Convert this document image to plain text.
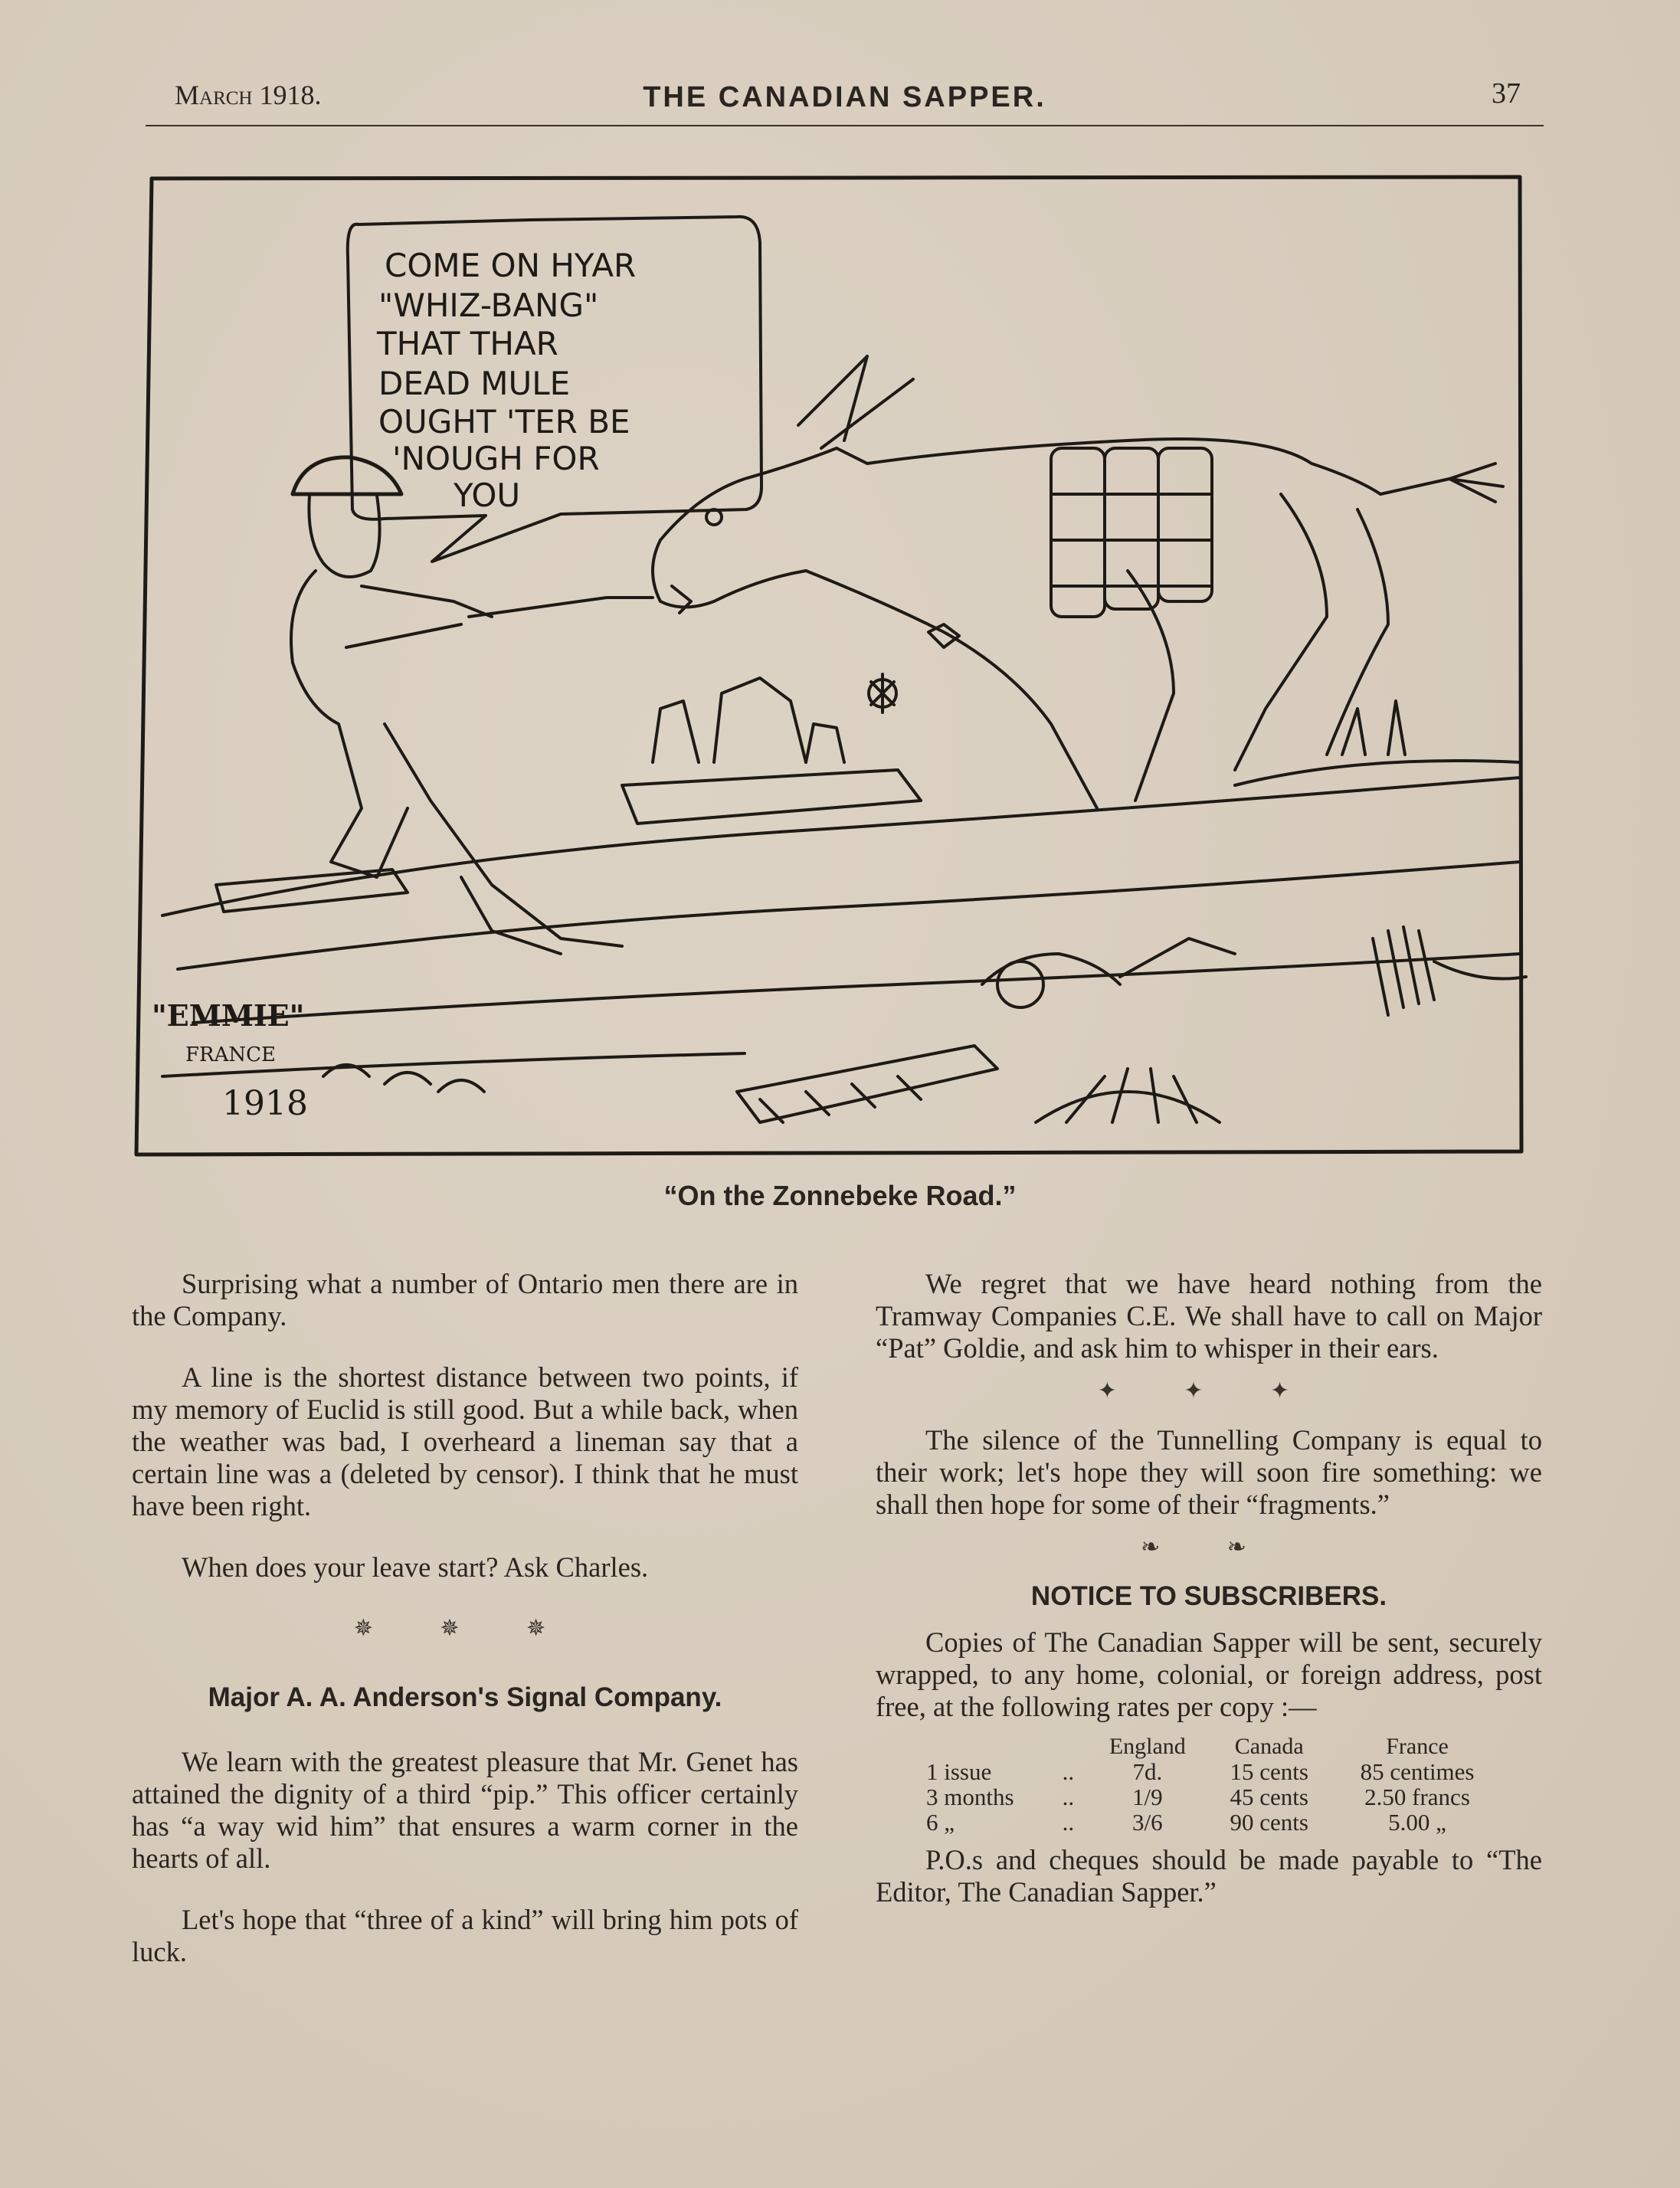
March 1918.	THE CANADIAN SAPPER.	37
COME ON HYAR
"WHIZ-BANG"
THAT THAR
DEAD MULE
OUGHT 'TER BE
'NOUGH FOR
YOU
"EMMIE"
FRANCE
1918
“On the Zonnebeke Road.”

Surprising what a number of Ontario men there are in the Company.

A line is the shortest distance between two points, if my memory of Euclid is still good. But a while back, when the weather was bad, I overheard a lineman say that a certain line was a (deleted by censor). I think that he must have been right.

When does your leave start? Ask Charles.

✵ ✵ ✵
Major A. A. Anderson's Signal Company.

We learn with the greatest pleasure that Mr. Genet has attained the dignity of a third “pip.” This officer certainly has “a way wid him” that ensures a warm corner in the hearts of all.

Let's hope that “three of a kind” will bring him pots of luck.

We regret that we have heard nothing from the Tramway Companies C.E. We shall have to call on Major “Pat” Goldie, and ask him to whisper in their ears.

✦ ✦ ✦

The silence of the Tunnelling Company is equal to their work; let's hope they will soon fire something: we shall then hope for some of their “fragments.”

❧ ❧
NOTICE TO SUBSCRIBERS.

Copies of The Canadian Sapper will be sent, securely wrapped, to any home, colonial, or foreign address, post free, at the following rates per copy :—

		England	Canada	France
1 issue	..	7d.	15 cents	85 centimes
3 months	..	1/9	45 cents	2.50 francs
6 „	..	3/6	90 cents	5.00 „

P.O.s and cheques should be made payable to “The Editor, The Canadian Sapper.”
